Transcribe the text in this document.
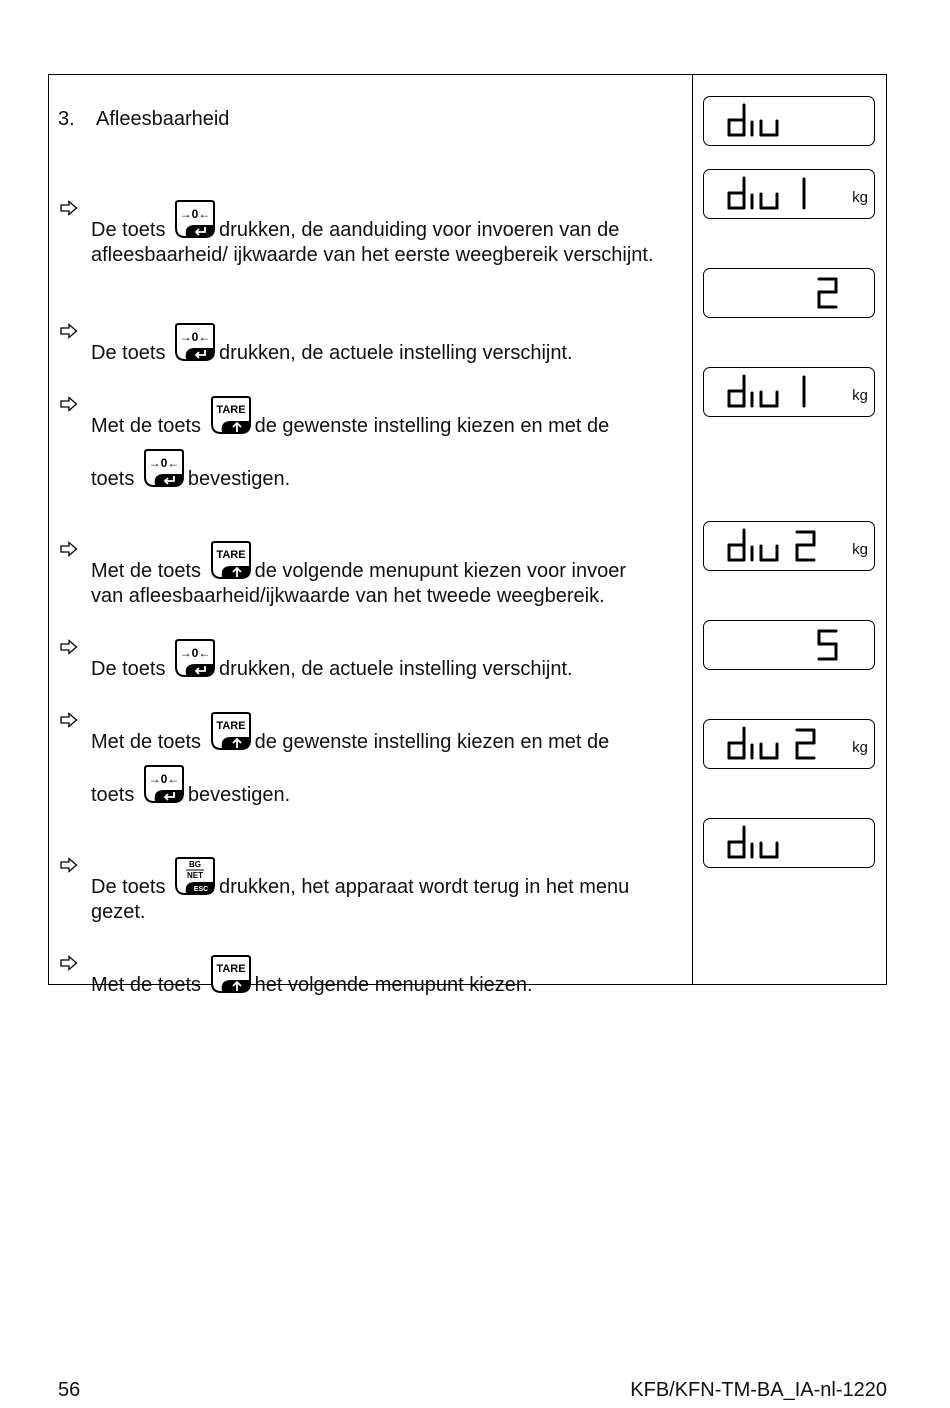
3. Afleesbaarheid
De toets
→0←
drukken, de aanduiding voor invoeren van de
afleesbaarheid/ ijkwaarde van het eerste weegbereik verschijnt.
De toets
→0←
drukken, de actuele instelling verschijnt.
Met de toets
TARE
de gewenste instelling kiezen en met de
toets
→0←
bevestigen.
Met de toets
TARE
de volgende menupunt kiezen voor invoer
van afleesbaarheid/ijkwaarde van het tweede weegbereik.
De toets
→0←
drukken, de actuele instelling verschijnt.
Met de toets
TARE
de gewenste instelling kiezen en met de
toets
→0←
bevestigen.
De toets
BG
NET
ESC drukken, het apparaat wordt terug in het menu
gezet.
Met de toets
TARE
het volgende menupunt kiezen.
kg
kg
kg
kg
56	KFB/KFN-TM-BA_IA-nl-1220
